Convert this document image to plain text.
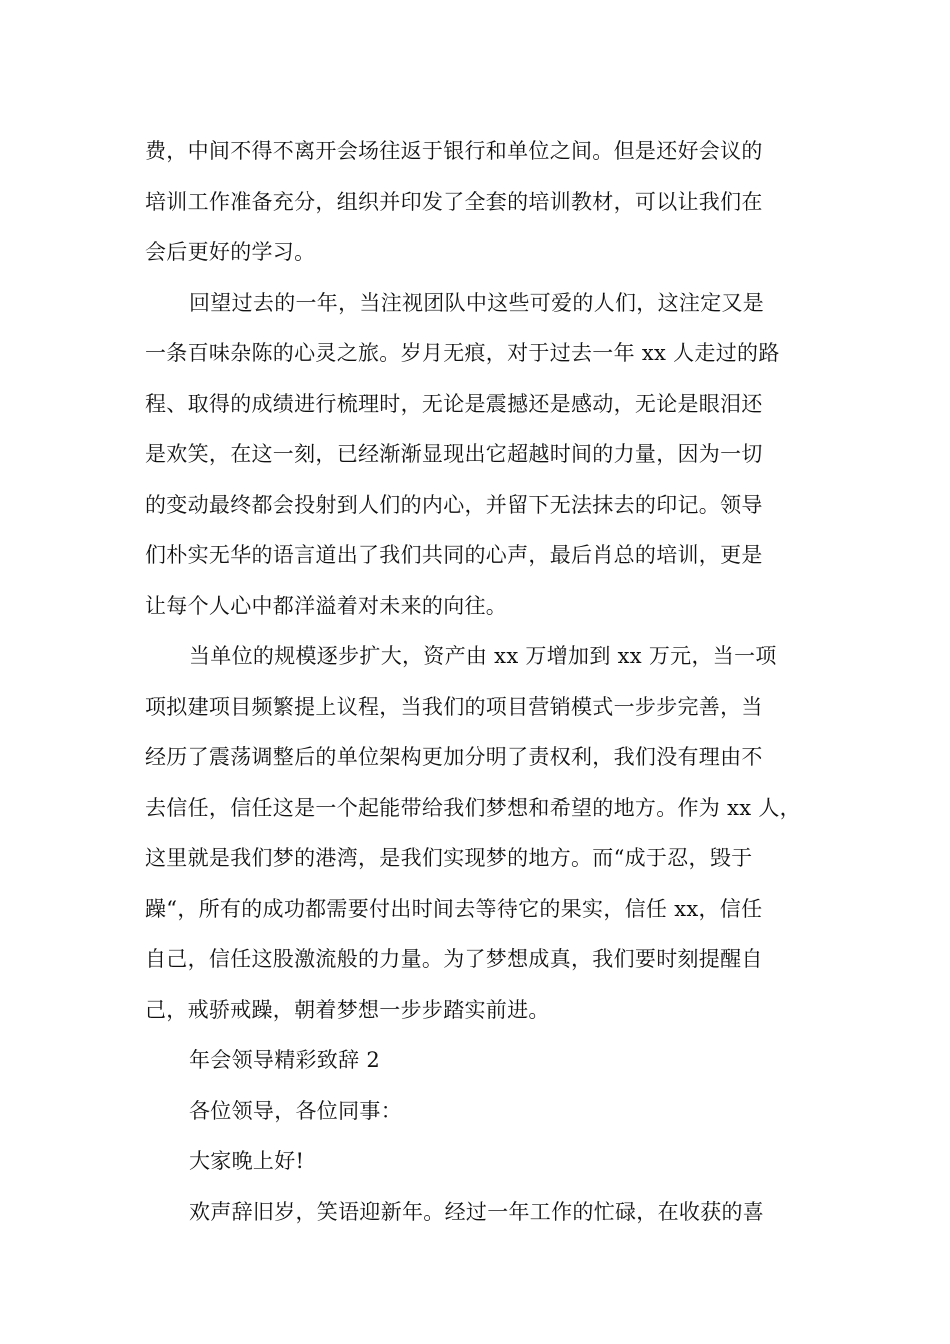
费，中间不得不离开会场往返于银行和单位之间。但是还好会议的
培训工作准备充分，组织并印发了全套的培训教材，可以让我们在
会后更好的学习。
回望过去的一年，当注视团队中这些可爱的人们，这注定又是
一条百味杂陈的心灵之旅。岁月无痕，对于过去一年 xx 人走过的路
程、取得的成绩进行梳理时，无论是震撼还是感动，无论是眼泪还
是欢笑，在这一刻，已经渐渐显现出它超越时间的力量，因为一切
的变动最终都会投射到人们的内心，并留下无法抹去的印记。领导
们朴实无华的语言道出了我们共同的心声，最后肖总的培训，更是
让每个人心中都洋溢着对未来的向往。
当单位的规模逐步扩大，资产由 xx 万增加到 xx 万元，当一项
项拟建项目频繁提上议程，当我们的项目营销模式一步步完善，当
经历了震荡调整后的单位架构更加分明了责权利，我们没有理由不
去信任，信任这是一个起能带给我们梦想和希望的地方。作为 xx 人，
这里就是我们梦的港湾，是我们实现梦的地方。而“成于忍，毁于
躁“，所有的成功都需要付出时间去等待它的果实，信任 xx，信任
自己，信任这股激流般的力量。为了梦想成真，我们要时刻提醒自
己，戒骄戒躁，朝着梦想一步步踏实前进。
年会领导精彩致辞 2
各位领导，各位同事：
大家晚上好!
欢声辞旧岁，笑语迎新年。经过一年工作的忙碌，在收获的喜
